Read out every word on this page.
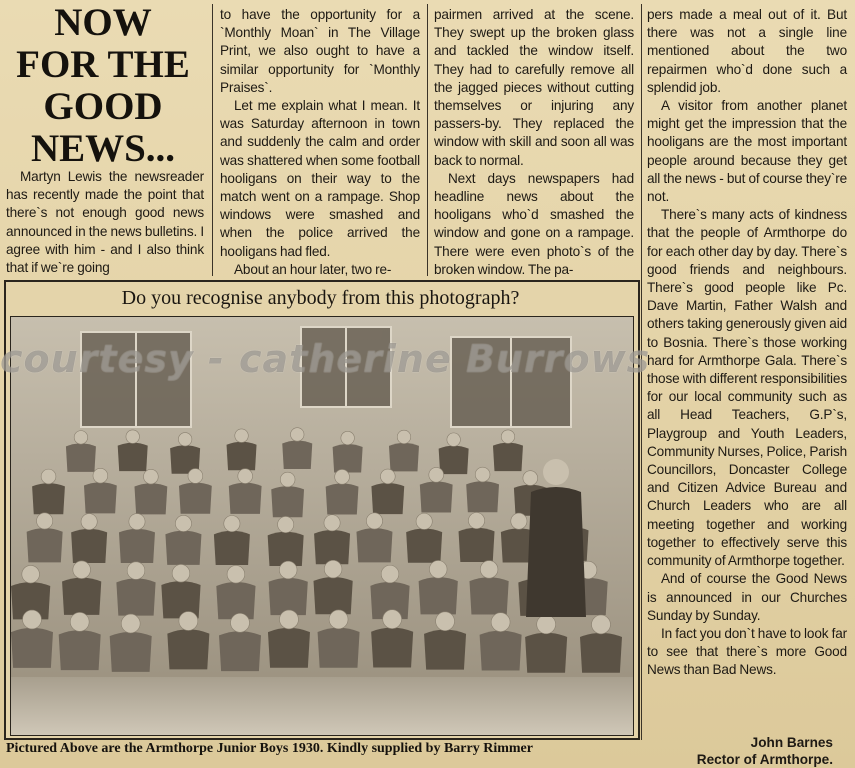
NOW
FOR THE
GOOD
NEWS...

Martyn Lewis the newsreader has recently made the point that there`s not enough good news announced in the news bulletins. I agree with him - and I also think that if we`re going

to have the opportunity for a `Monthly Moan` in The Village Print, we also ought to have a similar opportunity for `Monthly Praises`.

Let me explain what I mean. It was Saturday afternoon in town and suddenly the calm and order was shattered when some football hooligans on their way to the match went on a rampage. Shop windows were smashed and when the police arrived the hooligans had fled.

About an hour later, two re-

pairmen arrived at the scene. They swept up the broken glass and tackled the window itself. They had to carefully remove all the jagged pieces without cutting themselves or injuring any passers-by. They replaced the window with skill and soon all was back to normal.

Next days newspapers had headline news about the hooligans who`d smashed the window and gone on a rampage. There were even photo`s of the broken window. The pa-

pers made a meal out of it. But there was not a single line mentioned about the two repairmen who`d done such a splendid job.

A visitor from another planet might get the impression that the hooligans are the most important people around because they get all the news - but of course they`re not.

There`s many acts of kindness that the people of Armthorpe do for each other day by day. There`s good friends and neighbours. There`s good people like Pc. Dave Martin, Father Walsh and others taking generously given aid to Bosnia. There`s those working hard for Armthorpe Gala. There`s those with different responsibilities for our local community such as all Head Teachers, G.P`s, Playgroup and Youth Leaders, Community Nurses, Police, Parish Councillors, Doncaster College and Citizen Advice Bureau and Church Leaders who are all meeting together and working together to effectively serve this community of Armthorpe together.

And of course the Good News is announced in our Churches Sunday by Sunday.

In fact you don`t have to look far to see that there`s more Good News than Bad News.

John Barnes
Rector of Armthorpe.
Do you recognise anybody from this photograph?
courtesy - catherine Burrows
Pictured Above are the Armthorpe Junior Boys 1930. Kindly supplied by Barry Rimmer
